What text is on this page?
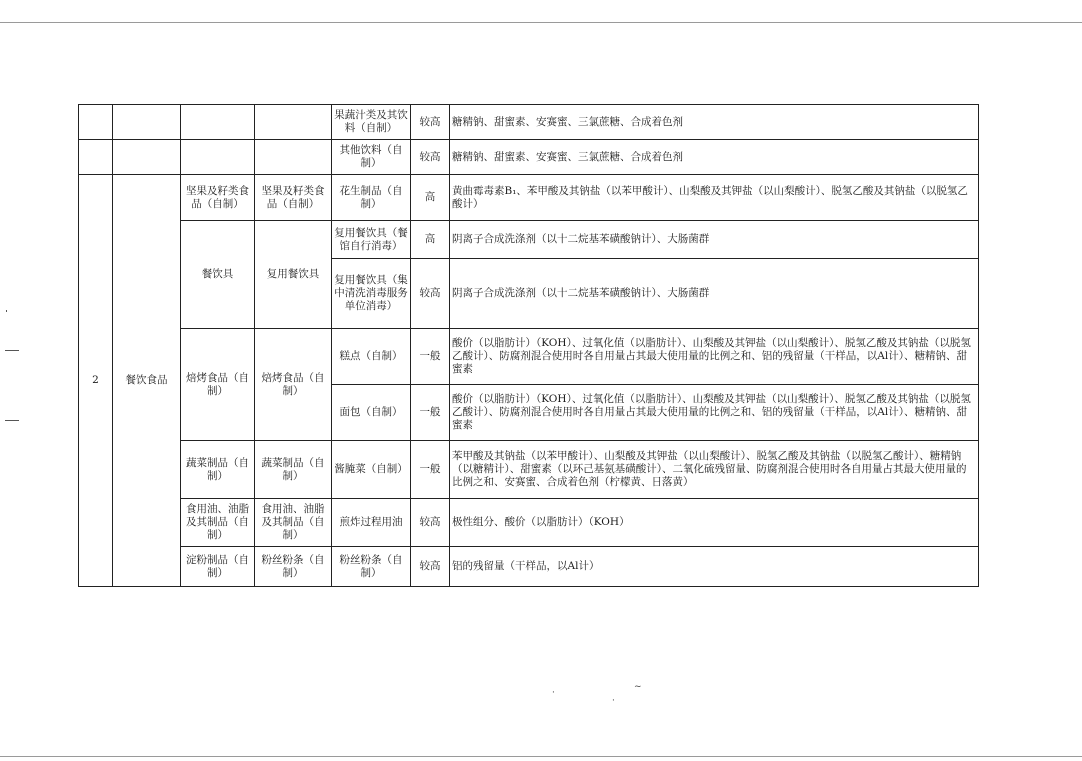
				果蔬汁类及其饮料（自制）	较高	糖精钠、甜蜜素、安赛蜜、三氯蔗糖、合成着色剂
				其他饮料（自制）	较高	糖精钠、甜蜜素、安赛蜜、三氯蔗糖、合成着色剂
2	餐饮食品	坚果及籽类食品（自制）	坚果及籽类食品（自制）	花生制品（自制）	高	黄曲霉毒素B₁、苯甲酸及其钠盐（以苯甲酸计）、山梨酸及其钾盐（以山梨酸计）、脱氢乙酸及其钠盐（以脱氢乙酸计）
		餐饮具	复用餐饮具	复用餐饮具（餐馆自行消毒）	高	阴离子合成洗涤剂（以十二烷基苯磺酸钠计）、大肠菌群
				复用餐饮具（集中清洗消毒服务单位消毒）	较高	阴离子合成洗涤剂（以十二烷基苯磺酸钠计）、大肠菌群
		焙烤食品（自制）	焙烤食品（自制）	糕点（自制）	一般	酸价（以脂肪计）（KOH）、过氧化值（以脂肪计）、山梨酸及其钾盐（以山梨酸计）、脱氢乙酸及其钠盐（以脱氢乙酸计）、防腐剂混合使用时各自用量占其最大使用量的比例之和、铝的残留量（干样品，以Al计）、糖精钠、甜蜜素
				面包（自制）	一般	酸价（以脂肪计）（KOH）、过氧化值（以脂肪计）、山梨酸及其钾盐（以山梨酸计）、脱氢乙酸及其钠盐（以脱氢乙酸计）、防腐剂混合使用时各自用量占其最大使用量的比例之和、铝的残留量（干样品，以Al计）、糖精钠、甜蜜素
		蔬菜制品（自制）	蔬菜制品（自制）	酱腌菜（自制）	一般	苯甲酸及其钠盐（以苯甲酸计）、山梨酸及其钾盐（以山梨酸计）、脱氢乙酸及其钠盐（以脱氢乙酸计）、糖精钠（以糖精计）、甜蜜素（以环己基氨基磺酸计）、二氧化硫残留量、防腐剂混合使用时各自用量占其最大使用量的比例之和、安赛蜜、合成着色剂（柠檬黄、日落黄）
		食用油、油脂及其制品（自制）	食用油、油脂及其制品（自制）	煎炸过程用油	较高	极性组分、酸价（以脂肪计）（KOH）
		淀粉制品（自制）	粉丝粉条（自制）	粉丝粉条（自制）	较高	铝的残留量（干样品，以Al计）
·
~
·
